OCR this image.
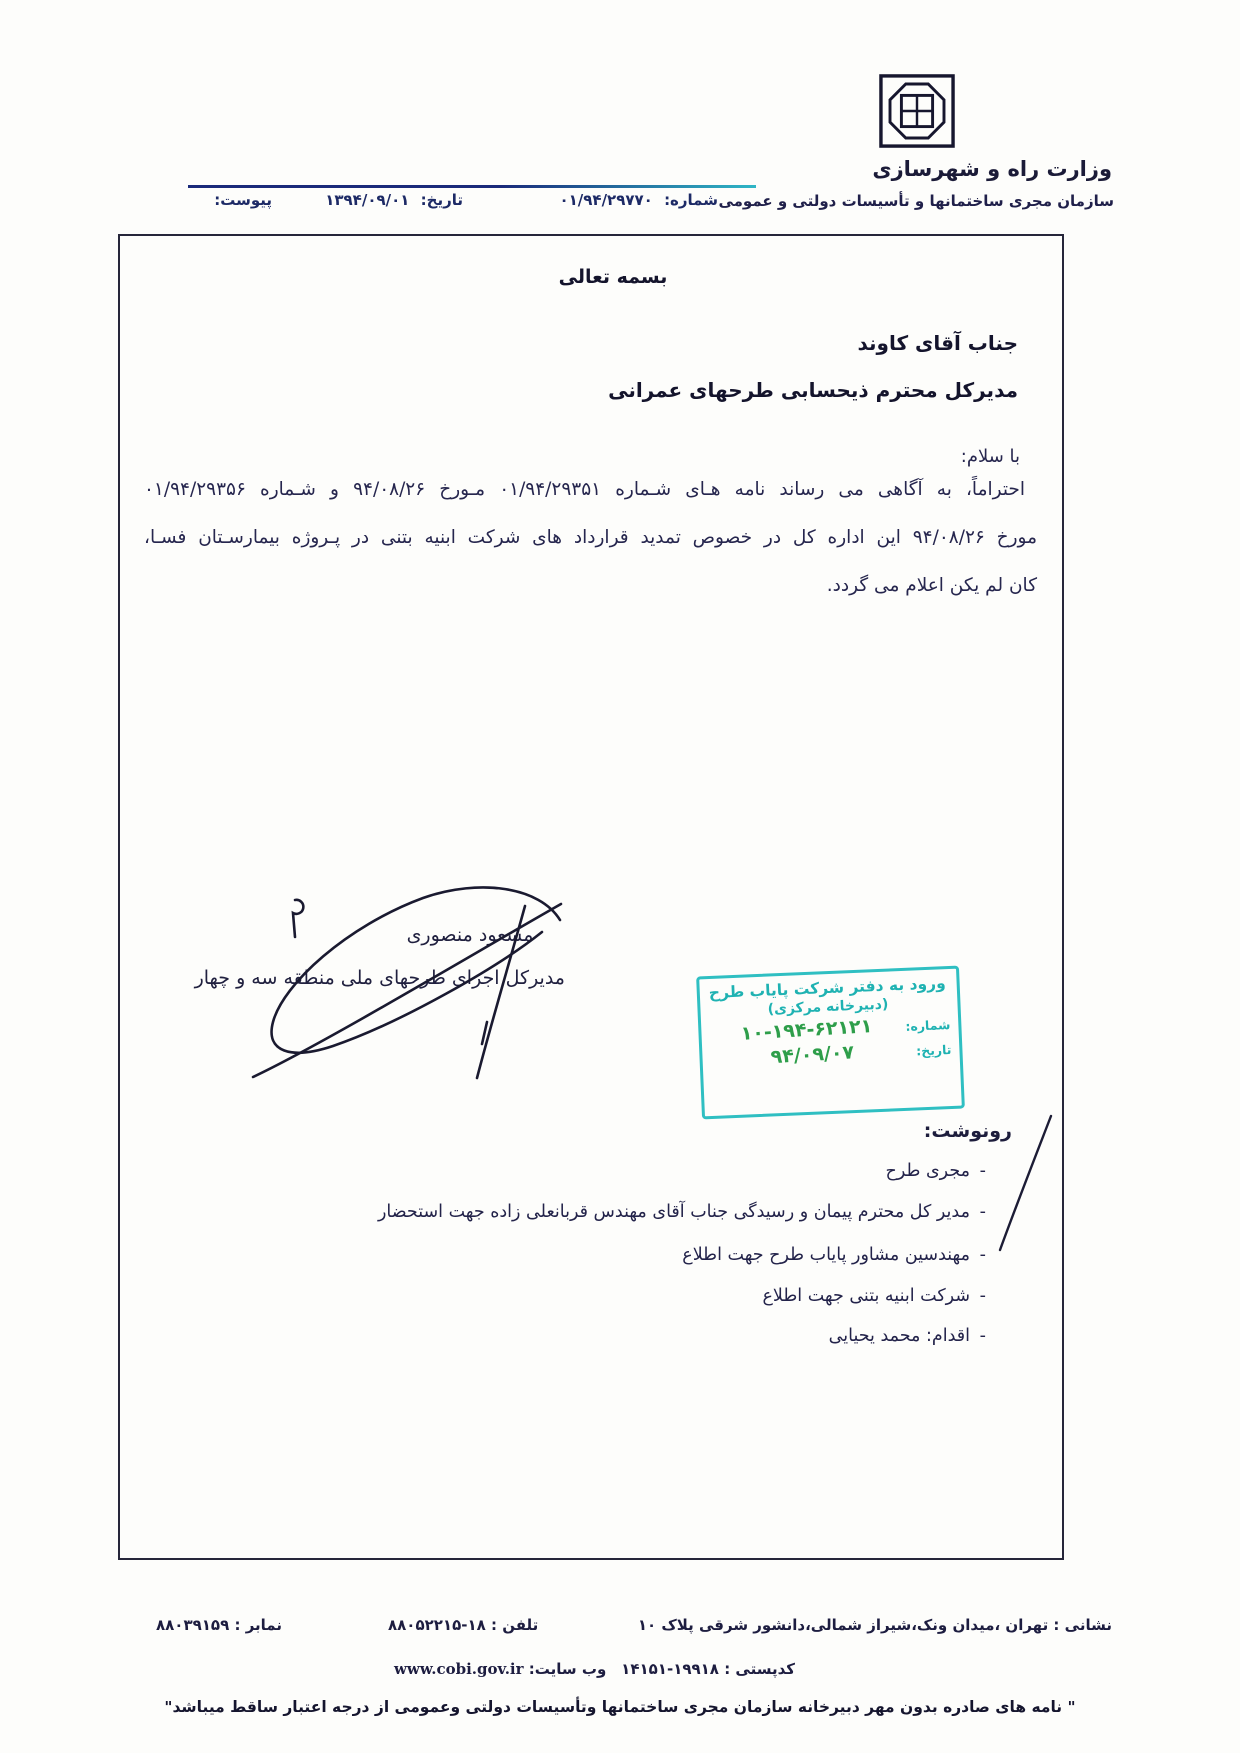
وزارت راه و شهرسازی
سازمان مجری ساختمانها و تأسیسات دولتی و عمومی
شماره: ۰۱/۹۴/۲۹۷۷۰
تاریخ: ۱۳۹۴/۰۹/۰۱
پیوست:
بسمه تعالی
جناب آقای کاوند
مدیرکل محترم ذیحسابی طرحهای عمرانی
با سلام:
احتراماً، به آگاهی می رساند نامه هـای شـماره ۰۱/۹۴/۲۹۳۵۱ مـورخ ۹۴/۰۸/۲۶ و شـماره ۰۱/۹۴/۲۹۳۵۶
مورخ ۹۴/۰۸/۲۶ این اداره کل در خصوص تمدید قرارداد های شرکت ابنیه بتنی در پـروژه بیمارسـتان فسـا،
کان لم یکن اعلام می گردد.
مسعود منصوری
مدیرکل اجرای طرحهای ملی منطقه سه و چهار	ورود به دفتر شرکت پایاب طرح
(دبیرخانه مرکزی)
شماره:
۱۰-۱۹۴-۶۲۱۲۱
تاریخ:
۹۴/۰۹/۰۷
رونوشت:
-
مجری طرح
-
مدیر کل محترم پیمان و رسیدگی جناب آقای مهندس قربانعلی زاده جهت استحضار
-
مهندسین مشاور پایاب طرح جهت اطلاع
-
شرکت ابنیه بتنی جهت اطلاع
-
اقدام: محمد یحیایی
نشانی : تهران ،میدان ونک،شیراز شمالی،دانشور شرقی پلاک ۱۰
تلفن : ۱۸-۸۸۰۵۲۲۱۵
نمابر : ۸۸۰۳۹۱۵۹
کدپستی : ۱۹۹۱۸-۱۴۱۵۱
وب سایت: www.cobi.gov.ir
" نامه های صادره بدون مهر دبیرخانه سازمان مجری ساختمانها وتأسیسات دولتی وعمومی از درجه اعتبار ساقط میباشد"
